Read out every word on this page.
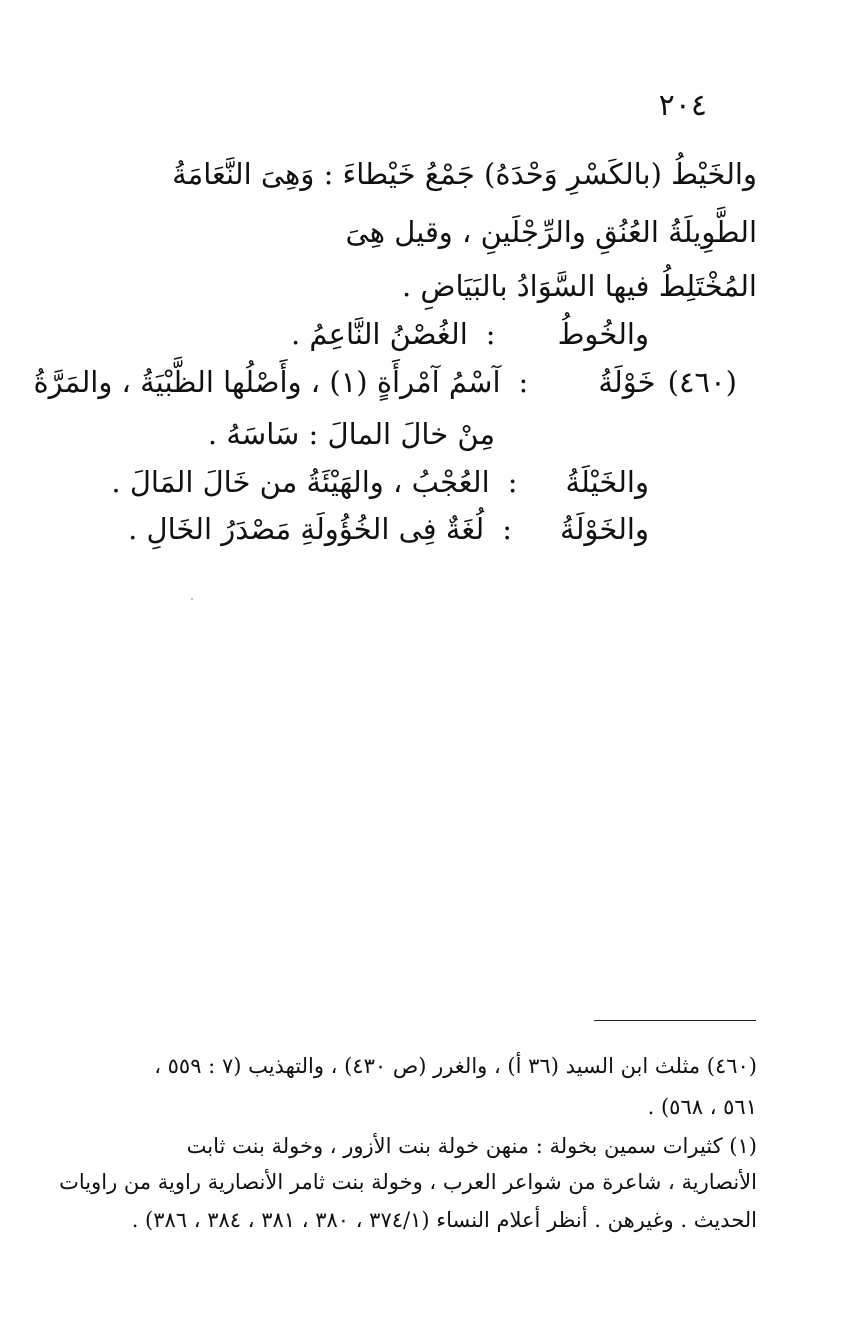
٢٠٤
والخَيْطُ (بالكَسْرِ وَحْدَهُ) جَمْعُ خَيْطاءَ : وَهِىَ النَّعَامَةُ
الطَّوِيلَةُ العُنُقِ والرِّجْلَينِ ، وقيل هِىَ
المُخْتَلِطُ فيها السَّوَادُ بالبَيَاضِ .
والخُوطُ:الغُصْنُ النَّاعِمُ .
(٤٦٠)خَوْلَةُ:آسْمُ آمْرأَةٍ (١) ، وأَصْلُها الظَّبْيَةُ ، والمَرَّةُ
مِنْ خالَ المالَ : سَاسَهُ .
والخَيْلَةُ:العُجْبُ ، والهَيْئَةُ من خَالَ المَالَ .
والخَوْلَةُ:لُغَةٌ فِى الخُؤُولَةِ مَصْدَرُ الخَالِ .
(٤٦٠) مثلث ابن السيد (٣٦ أ) ، والغرر (ص ٤٣٠) ، والتهذيب (٧ : ٥٥٩ ،
٥٦١ ، ٥٦٨) .
(١) كثيرات سمين بخولة : منهن خولة بنت الأزور ، وخولة بنت ثابت
الأنصارية ، شاعرة من شواعر العرب ، وخولة بنت ثامر الأنصارية راوية من راويات
الحديث . وغيرهن . أنظر أعلام النساء (٣٧٤/١ ، ٣٨٠ ، ٣٨١ ، ٣٨٤ ، ٣٨٦) .
